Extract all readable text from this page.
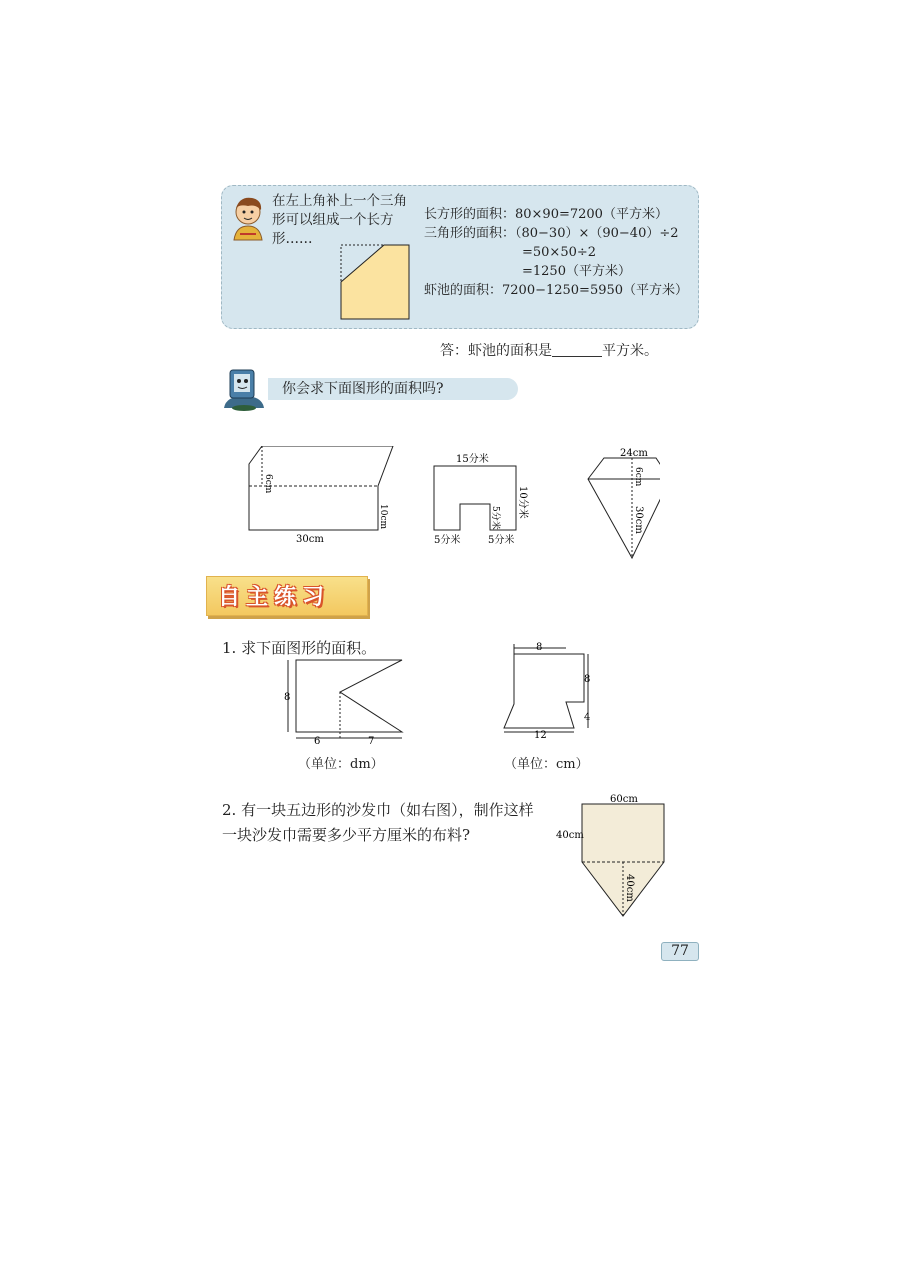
在左上角补上一个三角形可以组成一个长方形……
长方形的面积：80×90=7200（平方米）
三角形的面积：（80−30）×（90−40）÷2
=50×50÷2
=1250（平方米）
虾池的面积：7200−1250=5950（平方米）
答：虾池的面积是	平方米。
你会求下面图形的面积吗?
6cm
10cm
30cm
15分米
10分米
5分米
5分米	5分米
24cm
6cm
30cm
自主练习
1. 求下面图形的面积。
8
6	7
8
8
4
12
（单位：dm）	（单位：cm）
2. 有一块五边形的沙发巾（如右图），制作这样一块沙发巾需要多少平方厘米的布料?
60cm
40cm
40cm
77
